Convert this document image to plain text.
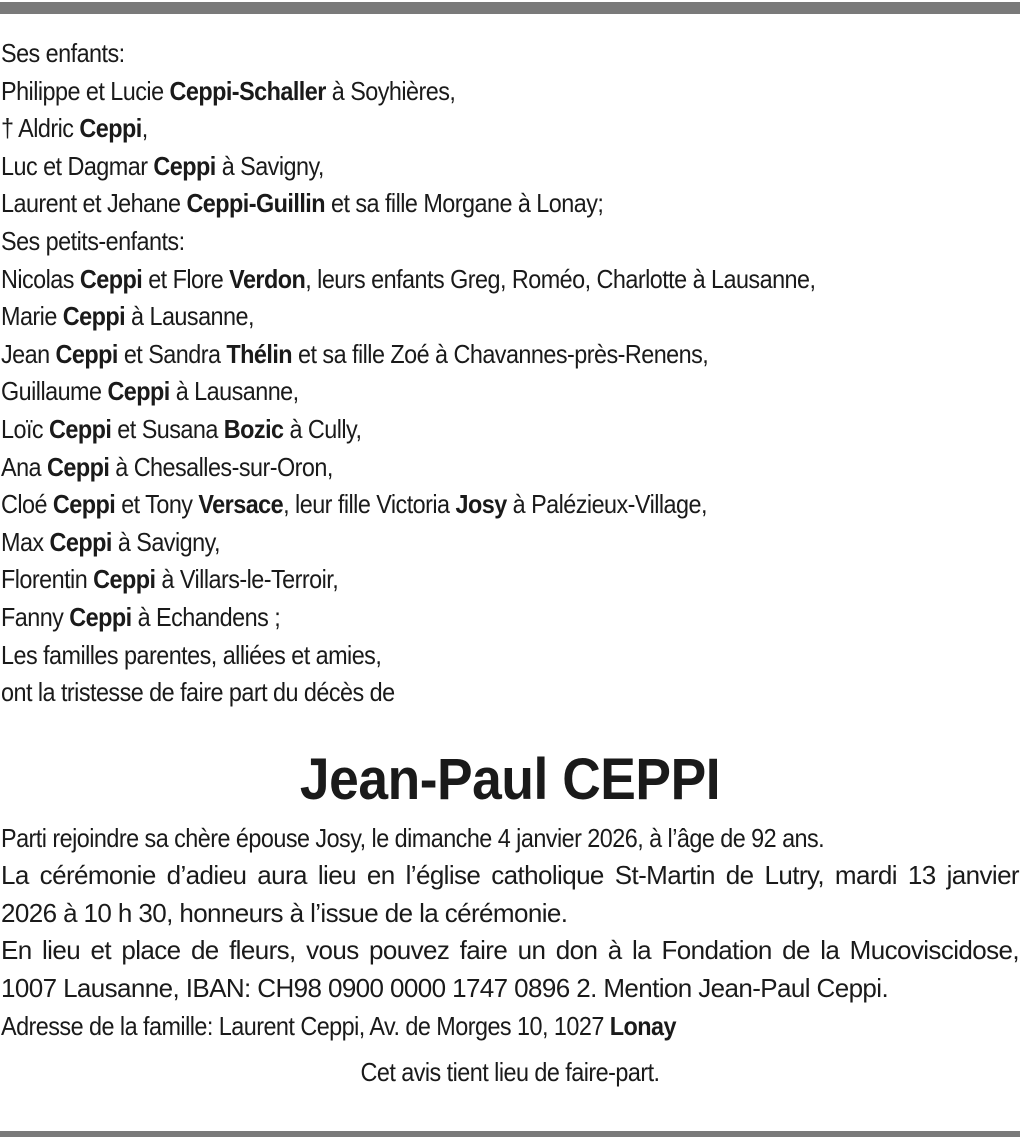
Ses enfants:
Philippe et Lucie Ceppi-Schaller à Soyhières,
† Aldric Ceppi,
Luc et Dagmar Ceppi à Savigny,
Laurent et Jehane Ceppi-Guillin et sa fille Morgane à Lonay;
Ses petits-enfants:
Nicolas Ceppi et Flore Verdon, leurs enfants Greg, Roméo, Charlotte à Lausanne,
Marie Ceppi à Lausanne,
Jean Ceppi et Sandra Thélin et sa fille Zoé à Chavannes-près-Renens,
Guillaume Ceppi à Lausanne,
Loïc Ceppi et Susana Bozic à Cully,
Ana Ceppi à Chesalles-sur-Oron,
Cloé Ceppi et Tony Versace, leur fille Victoria Josy à Palézieux-Village,
Max Ceppi à Savigny,
Florentin Ceppi à Villars-le-Terroir,
Fanny Ceppi à Echandens ;
Les familles parentes, alliées et amies,
ont la tristesse de faire part du décès de
Jean-Paul CEPPI

Parti rejoindre sa chère épouse Josy, le dimanche 4 janvier 2026, à l’âge de 92 ans.

La cérémonie d’adieu aura lieu en l’église catholique St-Martin de Lutry, mardi 13 janvier 2026 à 10 h 30, honneurs à l’issue de la cérémonie.

En lieu et place de fleurs, vous pouvez faire un don à la Fondation de la Mucoviscidose, 1007 Lausanne, IBAN: CH98 0900 0000 1747 0896 2. Mention Jean-Paul Ceppi.

Adresse de la famille: Laurent Ceppi, Av. de Morges 10, 1027 Lonay

Cet avis tient lieu de faire-part.
